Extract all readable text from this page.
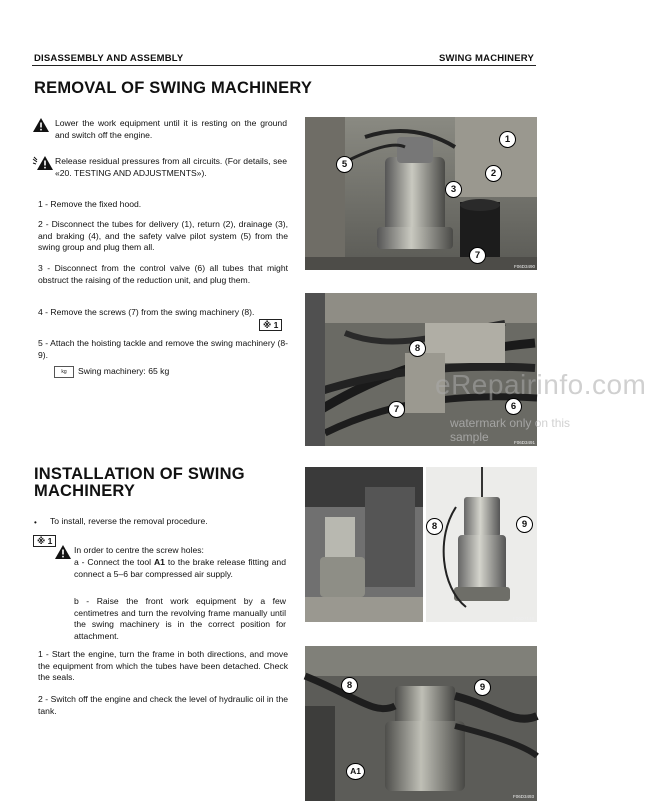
DISASSEMBLY AND ASSEMBLY	SWING MACHINERY
REMOVAL OF SWING MACHINERY
Lower the work equipment until it is resting on the ground and switch off the engine.
Release residual pressures from all circuits. (For details, see «20. TESTING AND ADJUSTMENTS»).
1 - Remove the fixed hood.
2 - Disconnect the tubes for delivery (1), return (2), drainage (3), and braking (4), and the safety valve pilot system (5) from the swing group and plug them all.
3 - Disconnect from the control valve (6) all tubes that might obstruct the raising of the reduction unit, and plug them.
4 - Remove the screws (7) from the swing machinery (8).
※ 1
5 - Attach the hoisting tackle and remove the swing machinery (8-9).
kg	Swing machinery: 65 kg
INSTALLATION OF SWING MACHINERY
• To install, reverse the removal procedure.
※ 1
In order to centre the screw holes:
a - Connect the tool A1 to the brake release fitting and connect a 5–6 bar compressed air supply.
b - Raise the front work equipment by a few centimetres and turn the revolving frame manually until the swing machinery is in the correct position for attachment.
1 - Start the engine, turn the frame in both directions, and move the equipment from which the tubes have been detached. Check the seals.
2 - Switch off the engine and check the level of hydraulic oil in the tank.
1
2
3
5
7
F06D3490
8
7	6
F06D3491
eRepairinfo.com
watermark only on this sample
8	9
F06D7148
8	9
A1
F06D3493
